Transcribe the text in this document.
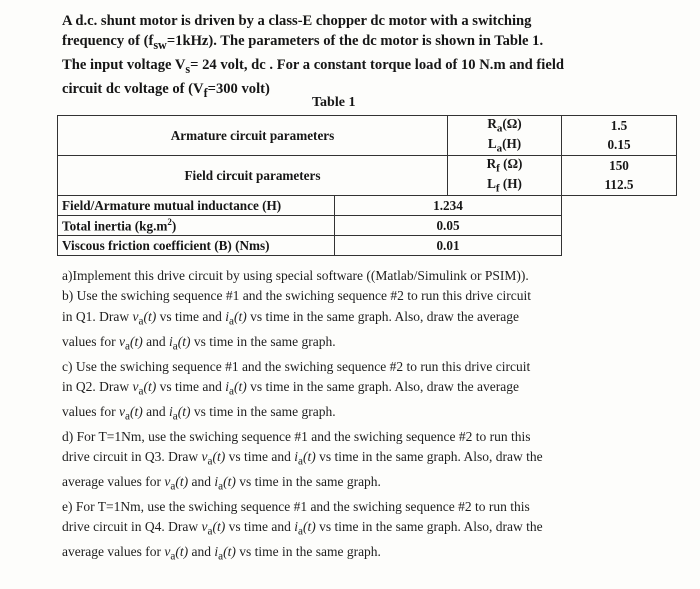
A d.c. shunt motor is driven by a class-E chopper dc motor with a switching
frequency of $(f_{sw}=1kHz)$. The parameters of the dc motor is shown in Table 1.
The input voltage $V_s= 24$ volt, dc . For a constant torque load of 10 N.m and field
circuit dc voltage of ($V_f=300$ volt)
Table 1
Armature circuit parameters		$R_a(\Omega)$	1.5
		$L_a(H)$	0.15
Field circuit parameters		$R_f$ (Ω)	150
		$L_f$ (H)	112.5
Field/Armature mutual inductance (H)	1.234		
Total inertia $(kg.m^2)$	0.05		
Viscous friction coefficient (B) (Nms)	0.01		

a)Implement this drive circuit by using special software ((Matlab/Simulink or PSIM)).

b) Use the swiching sequence #1 and the swiching sequence #2 to run this drive circuit
in Q1. Draw $v_a(t)$ vs time and $i_a(t)$ vs time in the same graph. Also, draw the average
values for $v_a(t)$ and $i_a(t)$ vs time in the same graph.

c) Use the swiching sequence #1 and the swiching sequence #2 to run this drive circuit
in Q2. Draw $v_a(t)$ vs time and $i_a(t)$ vs time in the same graph. Also, draw the average
values for $v_a(t)$ and $i_a(t)$ vs time in the same graph.

d) For T=1Nm, use the swiching sequence #1 and the swiching sequence #2 to run this
drive circuit in Q3. Draw $v_a(t)$ vs time and $i_a(t)$ vs time in the same graph. Also, draw the
average values for $v_a(t)$ and $i_a(t)$ vs time in the same graph.

e) For T=1Nm, use the swiching sequence #1 and the swiching sequence #2 to run this
drive circuit in Q4. Draw $v_a(t)$ vs time and $i_a(t)$ vs time in the same graph. Also, draw the
average values for $v_a(t)$ and $i_a(t)$ vs time in the same graph.
